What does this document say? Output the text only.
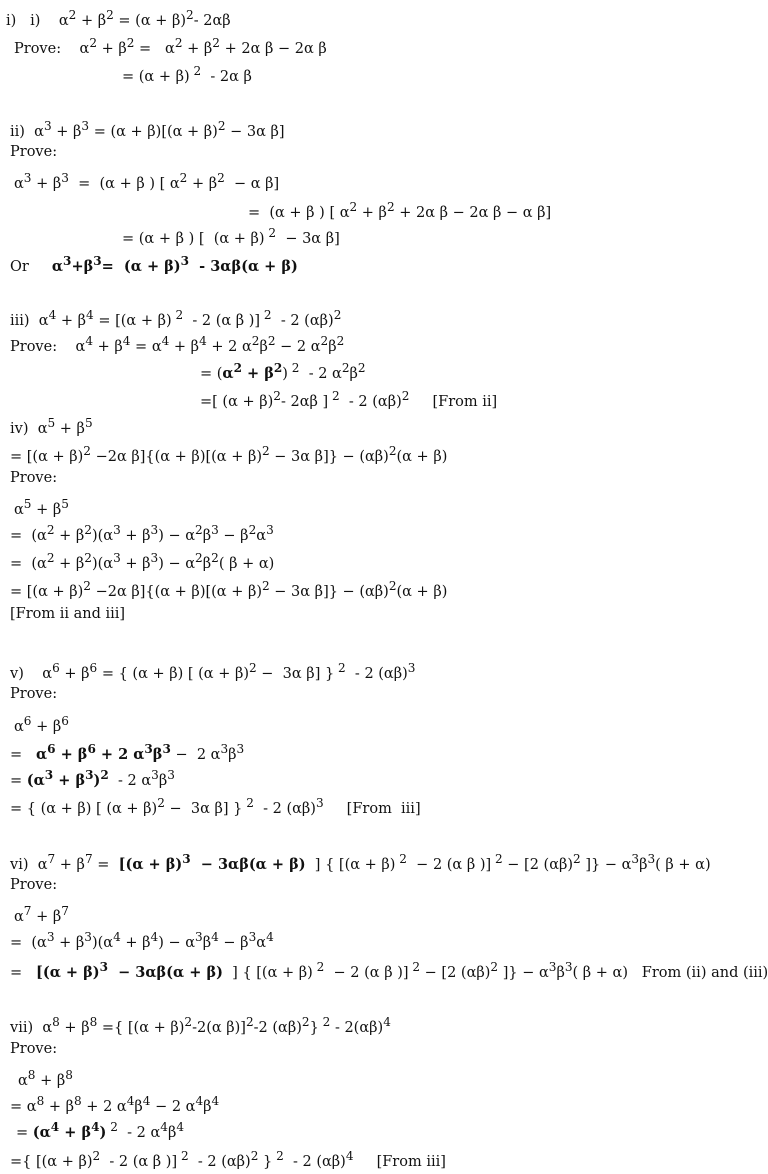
i)   i)    $\alpha^2 + \beta^2 = (\alpha + \beta)^2-$ 2αβ
Prove:    $\alpha^2 + \beta^2 = \alpha^2 + \beta^2 + 2\alpha$ β − 2α β
= (α + β) $^2$  - 2α β
ii)  $\alpha^3 + \beta^3 = (\alpha + \beta)[(\alpha + \beta)^2 - 3\alpha$ β]
Prove:
$\alpha^3 + \beta^3 = (\alpha + \beta$ ) [ $\alpha^2 + \beta^2 - \alpha$ β]
=  (α + β ) [ $\alpha^2 + \beta^2 + 2\alpha$ β − 2α β − α β]
= (α + β ) [  (α + β) $^2$  − 3α β]
Or     $\alpha^3+\beta^3= (\alpha + \beta)^3 - 3\alpha\beta(\alpha + \beta)$
iii)  $\alpha^4 + \beta^4 = [(\alpha + \beta)$ $^2$  - 2 (α β )] $^2$  - 2 $(\alpha\beta)^2$
Prove:    $\alpha^4 + \beta^4 = \alpha^4 + \beta^4 + 2$ $\alpha^2\beta^2 - 2$ $\alpha^2\beta^2$
= $(\alpha^2 + \beta^2)$ $^2$  - 2 $\alpha^2\beta^2$
=[ $(\alpha + \beta)^2-$ 2αβ ] $^2$  - 2 $(\alpha\beta)^2$     [From ii]
iv)  $\alpha^5 + \beta^5$
= [$(\alpha + \beta)^2 -2\alpha$ $\beta]\{(\alpha + \beta)[(\alpha + \beta)^2 - 3\alpha$ $\beta]\} - (\alpha\beta)^2(\alpha + \beta)$
Prove:
$\alpha^5 + \beta^5$
=  $(\alpha^2 + \beta^2)(\alpha^3 + \beta^3) - \alpha^2\beta^3 - \beta^2\alpha^3$
=  $(\alpha^2 + \beta^2)(\alpha^3 + \beta^3) - \alpha^2\beta^2$( β + α)
= [$(\alpha + \beta)^2 -2\alpha$ $\beta]\{(\alpha + \beta)[(\alpha + \beta)^2 - 3\alpha$ $\beta]\} - (\alpha\beta)^2(\alpha + \beta)$
[From ii and iii]
v)    $\alpha^6 + \beta^6$ = { (α + β) [ $(\alpha + \beta)^2 - 3\alpha$ β] } $^2$  - 2 $(\alpha\beta)^3$
Prove:
$\alpha^6 + \beta^6$
=   $\alpha^6 + \beta^6 + 2$ $\alpha^3\beta^3 - 2$ $\alpha^3\beta^3$
= $(\alpha^3 + \beta^3)^2 - 2$ $\alpha^3\beta^3$
= { (α + β) [ $(\alpha + \beta)^2 - 3\alpha$ β] } $^2$  - 2 $(\alpha\beta)^3$     [From  iii]
vi)  $\alpha^7 + \beta^7 = [(\alpha + \beta)^3 - 3\alpha\beta(\alpha + \beta)$  ] { [(α + β) $^2$  − 2 (α β )] $^2$ − [2 $(\alpha\beta)^2$ ]} − $\alpha^3\beta^3$( β + α)
Prove:
$\alpha^7 + \beta^7$
=  $(\alpha^3 + \beta^3)(\alpha^4 + \beta^4) - \alpha^3\beta^4 - \beta^3\alpha^4$
=   [$(\alpha + \beta)^3 - 3\alpha\beta(\alpha + \beta)$  ] { [(α + β) $^2$  − 2 (α β )] $^2$ − [2 $(\alpha\beta)^2$ ]} − $\alpha^3\beta^3$( β + α)   From (ii) and (iii)
vii)  $\alpha^8 + \beta^8$ ={ [$(\alpha + \beta)^2-2(\alpha$ β)]$^2$-2 $(\alpha\beta)^2$} $^2 - 2(\alpha\beta)^4$
Prove:
$\alpha^8 + \beta^8$
= $\alpha^8 + \beta^8 + 2$ $\alpha^4\beta^4 - 2$ $\alpha^4\beta^4$
= $(\alpha^4 + \beta^4)$ $^2$  - 2 $\alpha^4\beta^4$
={ [$(\alpha + \beta)^2 - 2$ (α β )] $^2$  - 2 $(\alpha\beta)^2$ } $^2$  - 2 $(\alpha\beta)^4$     [From iii]
